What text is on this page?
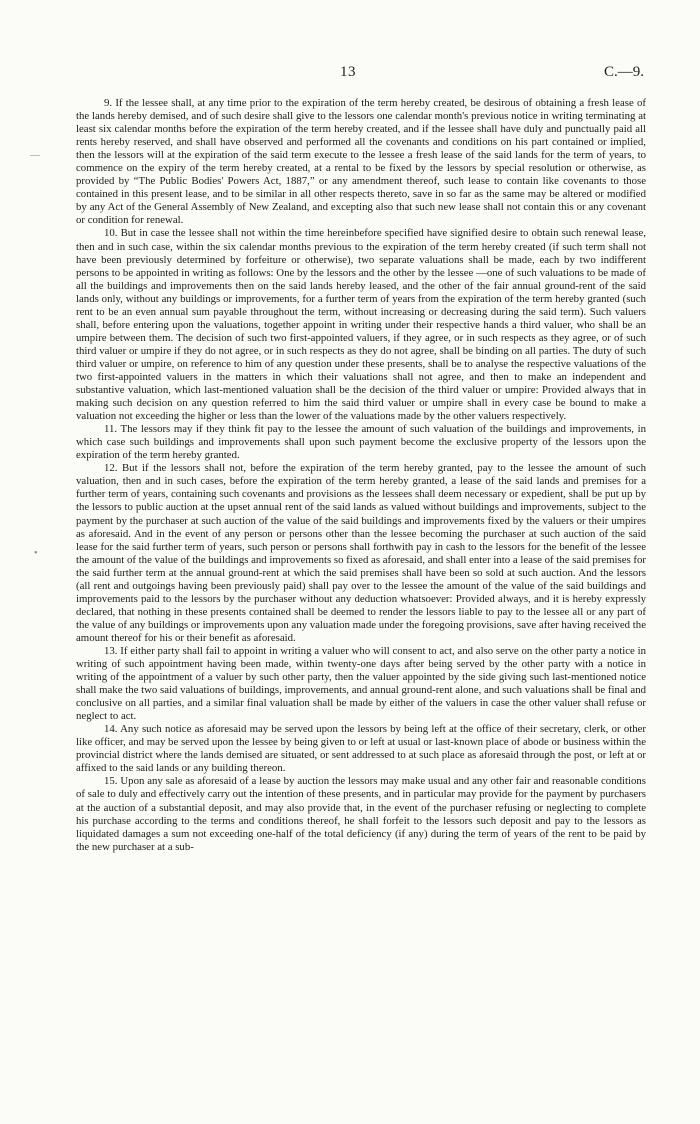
13	C.—9.
—
•

9. If the lessee shall, at any time prior to the expiration of the term hereby created, be desirous of obtaining a fresh lease of the lands hereby demised, and of such desire shall give to the lessors one calendar month's previous notice in writing terminating at least six calendar months before the expiration of the term hereby created, and if the lessee shall have duly and punctually paid all rents hereby reserved, and shall have observed and performed all the covenants and conditions on his part contained or implied, then the lessors will at the expiration of the said term execute to the lessee a fresh lease of the said lands for the term of years, to commence on the expiry of the term hereby created, at a rental to be fixed by the lessors by special resolution or otherwise, as provided by “The Public Bodies' Powers Act, 1887,” or any amendment thereof, such lease to contain like covenants to those contained in this present lease, and to be similar in all other respects thereto, save in so far as the same may be altered or modified by any Act of the General Assembly of New Zealand, and excepting also that such new lease shall not contain this or any covenant or condition for renewal.

10. But in case the lessee shall not within the time hereinbefore specified have signified desire to obtain such renewal lease, then and in such case, within the six calendar months previous to the expiration of the term hereby created (if such term shall not have been previously determined by forfeiture or otherwise), two separate valuations shall be made, each by two indifferent persons to be appointed in writing as follows: One by the lessors and the other by the lessee —one of such valuations to be made of all the buildings and improvements then on the said lands hereby leased, and the other of the fair annual ground-rent of the said lands only, without any buildings or improvements, for a further term of years from the expiration of the term hereby granted (such rent to be an even annual sum payable throughout the term, without increasing or decreasing during the said term). Such valuers shall, before entering upon the valuations, together appoint in writing under their respective hands a third valuer, who shall be an umpire between them. The decision of such two first-appointed valuers, if they agree, or in such respects as they agree, or of such third valuer or umpire if they do not agree, or in such respects as they do not agree, shall be binding on all parties. The duty of such third valuer or umpire, on reference to him of any question under these presents, shall be to analyse the respective valuations of the two first-appointed valuers in the matters in which their valuations shall not agree, and then to make an independent and substantive valuation, which last-mentioned valuation shall be the decision of the third valuer or umpire: Provided always that in making such decision on any question referred to him the said third valuer or umpire shall in every case be bound to make a valuation not exceeding the higher or less than the lower of the valuations made by the other valuers respectively.

11. The lessors may if they think fit pay to the lessee the amount of such valuation of the buildings and improvements, in which case such buildings and improvements shall upon such payment become the exclusive property of the lessors upon the expiration of the term hereby granted.

12. But if the lessors shall not, before the expiration of the term hereby granted, pay to the lessee the amount of such valuation, then and in such cases, before the expiration of the term hereby granted, a lease of the said lands and premises for a further term of years, containing such covenants and provisions as the lessees shall deem necessary or expedient, shall be put up by the lessors to public auction at the upset annual rent of the said lands as valued without buildings and improvements, subject to the payment by the purchaser at such auction of the value of the said buildings and improvements fixed by the valuers or their umpires as aforesaid. And in the event of any person or persons other than the lessee becoming the purchaser at such auction of the said lease for the said further term of years, such person or persons shall forthwith pay in cash to the lessors for the benefit of the lessee the amount of the value of the buildings and improvements so fixed as aforesaid, and shall enter into a lease of the said premises for the said further term at the annual ground-rent at which the said premises shall have been so sold at such auction. And the lessors (all rent and outgoings having been previously paid) shall pay over to the lessee the amount of the value of the said buildings and improvements paid to the lessors by the purchaser without any deduction whatsoever: Provided always, and it is hereby expressly declared, that nothing in these presents contained shall be deemed to render the lessors liable to pay to the lessee all or any part of the value of any buildings or improvements upon any valuation made under the foregoing provisions, save after having received the amount thereof for his or their benefit as aforesaid.

13. If either party shall fail to appoint in writing a valuer who will consent to act, and also serve on the other party a notice in writing of such appointment having been made, within twenty-one days after being served by the other party with a notice in writing of the appointment of a valuer by such other party, then the valuer appointed by the side giving such last-mentioned notice shall make the two said valuations of buildings, improvements, and annual ground-rent alone, and such valuations shall be final and conclusive on all parties, and a similar final valuation shall be made by either of the valuers in case the other valuer shall refuse or neglect to act.

14. Any such notice as aforesaid may be served upon the lessors by being left at the office of their secretary, clerk, or other like officer, and may be served upon the lessee by being given to or left at usual or last-known place of abode or business within the provincial district where the lands demised are situated, or sent addressed to at such place as aforesaid through the post, or left at or affixed to the said lands or any building thereon.

15. Upon any sale as aforesaid of a lease by auction the lessors may make usual and any other fair and reasonable conditions of sale to duly and effectively carry out the intention of these presents, and in particular may provide for the payment by purchasers at the auction of a substantial deposit, and may also provide that, in the event of the purchaser refusing or neglecting to complete his purchase according to the terms and conditions thereof, he shall forfeit to the lessors such deposit and pay to the lessors as liquidated damages a sum not exceeding one-half of the total deficiency (if any) during the term of years of the rent to be paid by the new purchaser at a sub-
